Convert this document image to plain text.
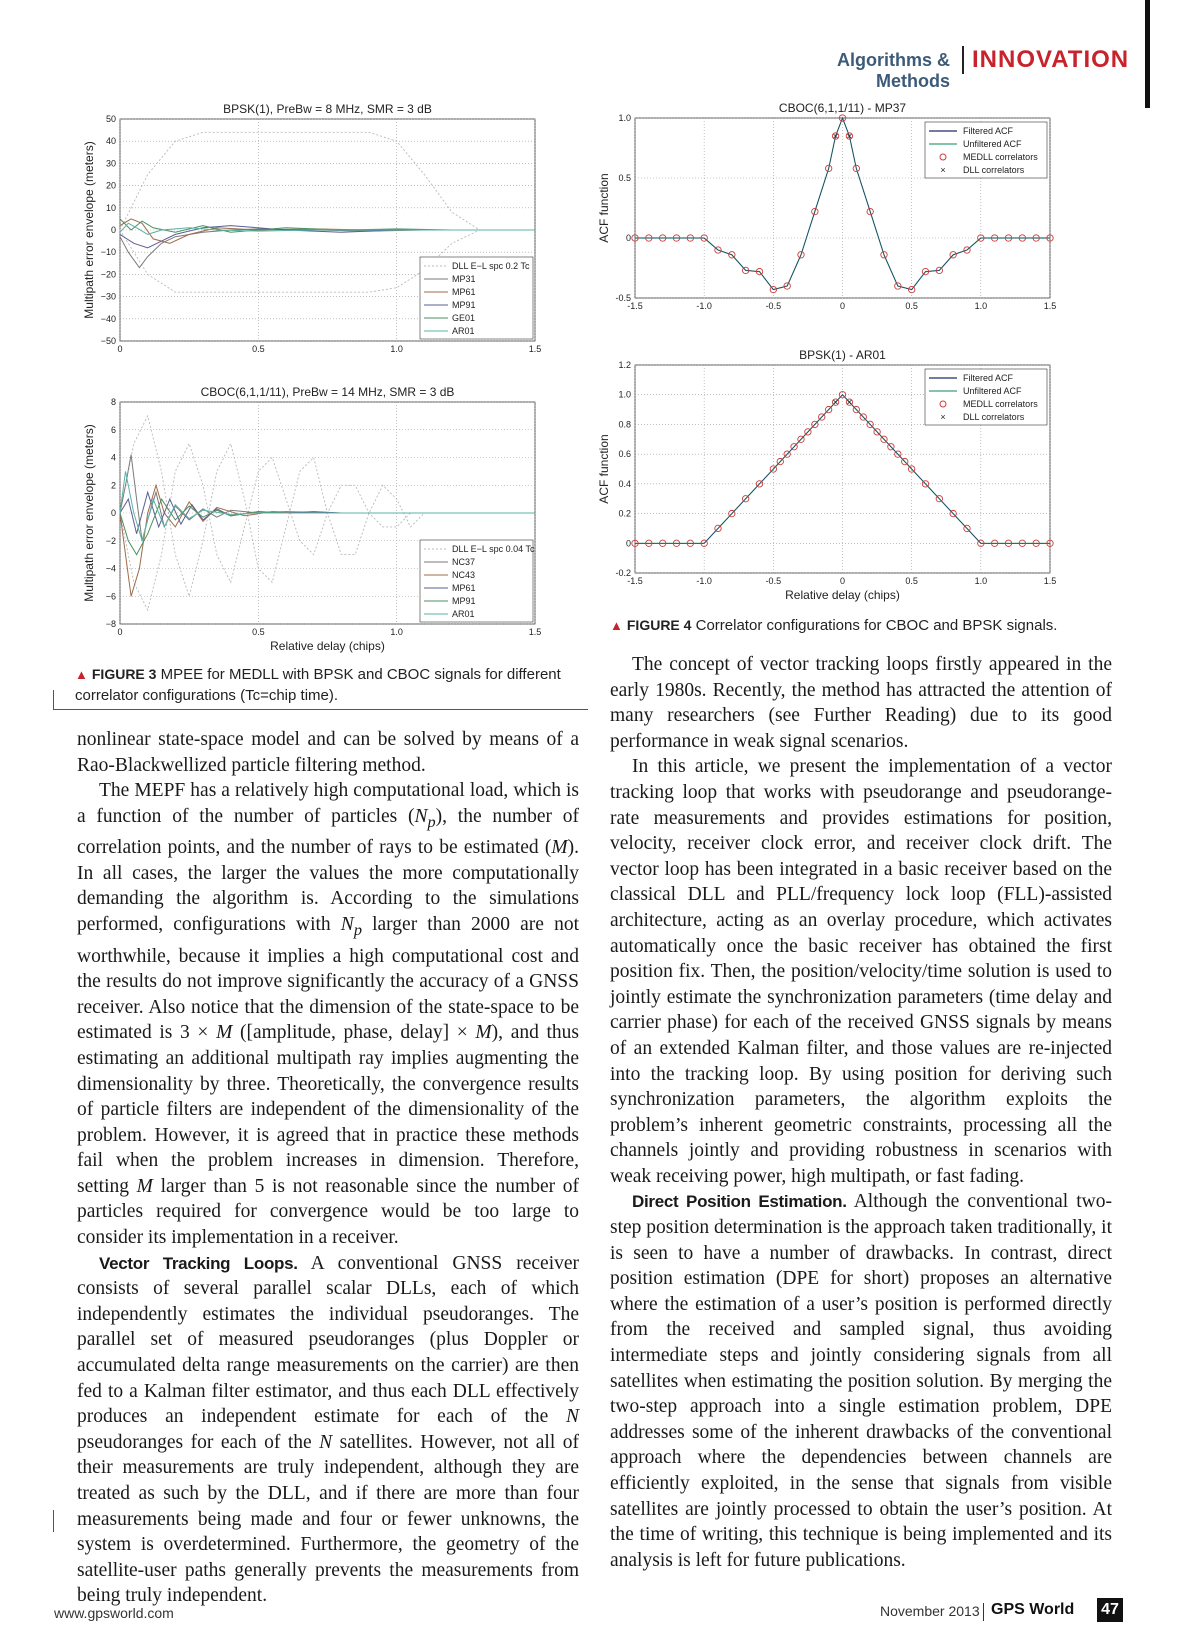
Algorithms & Methods
INNOVATION
0	0.5	1.0	1.5
−50
−40
−30
−20
−10
0
10
20
30
40
50
BPSK(1), PreBw = 8 MHz, SMR = 3 dB
Multipath error envelope (meters)	DLL E−L spc 0.2 Tc
MP31
MP61
MP91
GE01
AR01
0	0.5	1.0	1.5
−8
−6
−4
−2
0
2
4
6
8
CBOC(6,1,1/11), PreBw = 14 MHz, SMR = 3 dB
Multipath error envelope (meters)
Relative delay (chips)
DLL E−L spc 0.04 Tc
NC37
NC43
MP61
MP91
AR01
-1.5	-1.0	-0.5	0	0.5	1.0	1.5
-0.5
0
0.5
1.0
CBOC(6,1,1/11) - MP37
ACF function
× ×
Filtered ACF
Unfiltered ACF
MEDLL correlators
× DLL correlators
-1.5	-1.0	-0.5	0	0.5	1.0	1.5
-0.2
0
0.2
0.4
0.6
0.8
1.0
1.2
BPSK(1) - AR01
ACF function
Relative delay (chips)
× ×
Filtered ACF
Unfiltered ACF
MEDLL correlators
× DLL correlators
▲ FIGURE 3 MPEE for MEDLL with BPSK and CBOC signals for different correlator configurations (Tc=chip time).
▲ FIGURE 4 Correlator configurations for CBOC and BPSK signals.

nonlinear state-space model and can be solved by means of a Rao-Blackwellized particle filtering method.

The MEPF has a relatively high computational load, which is a function of the number of particles $(N_p)$, the number of correlation points, and the number of rays to be estimated (M). In all cases, the larger the values the more computationally demanding the algorithm is. According to the simulations performed, configurations with $N_p$ larger than 2000 are not worthwhile, because it implies a high computational cost and the results do not improve significantly the accuracy of a GNSS receiver. Also notice that the dimension of the state-space to be estimated is 3 × M ([amplitude, phase, delay] × M), and thus estimating an additional multipath ray implies augmenting the dimensionality by three. Theoretically, the convergence results of particle filters are independent of the dimensionality of the problem. However, it is agreed that in practice these methods fail when the problem increases in dimension. Therefore, setting M larger than 5 is not reasonable since the number of particles required for convergence would be too large to consider its implementation in a receiver.

Vector Tracking Loops. A conventional GNSS receiver consists of several parallel scalar DLLs, each of which independently estimates the individual pseudoranges. The parallel set of measured pseudoranges (plus Doppler or accumulated delta range measurements on the carrier) are then fed to a Kalman filter estimator, and thus each DLL effectively produces an independent estimate for each of the N pseudoranges for each of the N satellites. However, not all of their measurements are truly independent, although they are treated as such by the DLL, and if there are more than four measurements being made and four or fewer unknowns, the system is overdetermined. Furthermore, the geometry of the satellite-user paths generally prevents the measurements from being truly independent.

The concept of vector tracking loops firstly appeared in the early 1980s. Recently, the method has attracted the attention of many researchers (see Further Reading) due to its good performance in weak signal scenarios.

In this article, we present the implementation of a vector tracking loop that works with pseudorange and pseudorange-rate measurements and provides estimations for position, velocity, receiver clock error, and receiver clock drift. The vector loop has been integrated in a basic receiver based on the classical DLL and PLL/frequency lock loop (FLL)-assisted architecture, acting as an overlay procedure, which activates automatically once the basic receiver has obtained the first position fix. Then, the position/velocity/time solution is used to jointly estimate the synchronization parameters (time delay and carrier phase) for each of the received GNSS signals by means of an extended Kalman filter, and those values are re-injected into the tracking loop. By using position for deriving such synchronization parameters, the algorithm exploits the problem’s inherent geometric constraints, processing all the channels jointly and providing robustness in scenarios with weak receiving power, high multipath, or fast fading.

Direct Position Estimation. Although the conventional two-step position determination is the approach taken traditionally, it is seen to have a number of drawbacks. In contrast, direct position estimation (DPE for short) proposes an alternative where the estimation of a user’s position is performed directly from the received and sampled signal, thus avoiding intermediate steps and jointly considering signals from all satellites when estimating the position solution. By merging the two-step approach into a single estimation problem, DPE addresses some of the inherent drawbacks of the conventional approach where the dependencies between channels are efficiently exploited, in the sense that signals from visible satellites are jointly processed to obtain the user’s position. At the time of writing, this technique is being implemented and its analysis is left for future publications.

www.gpsworld.com	November 2013 GPS World 47
